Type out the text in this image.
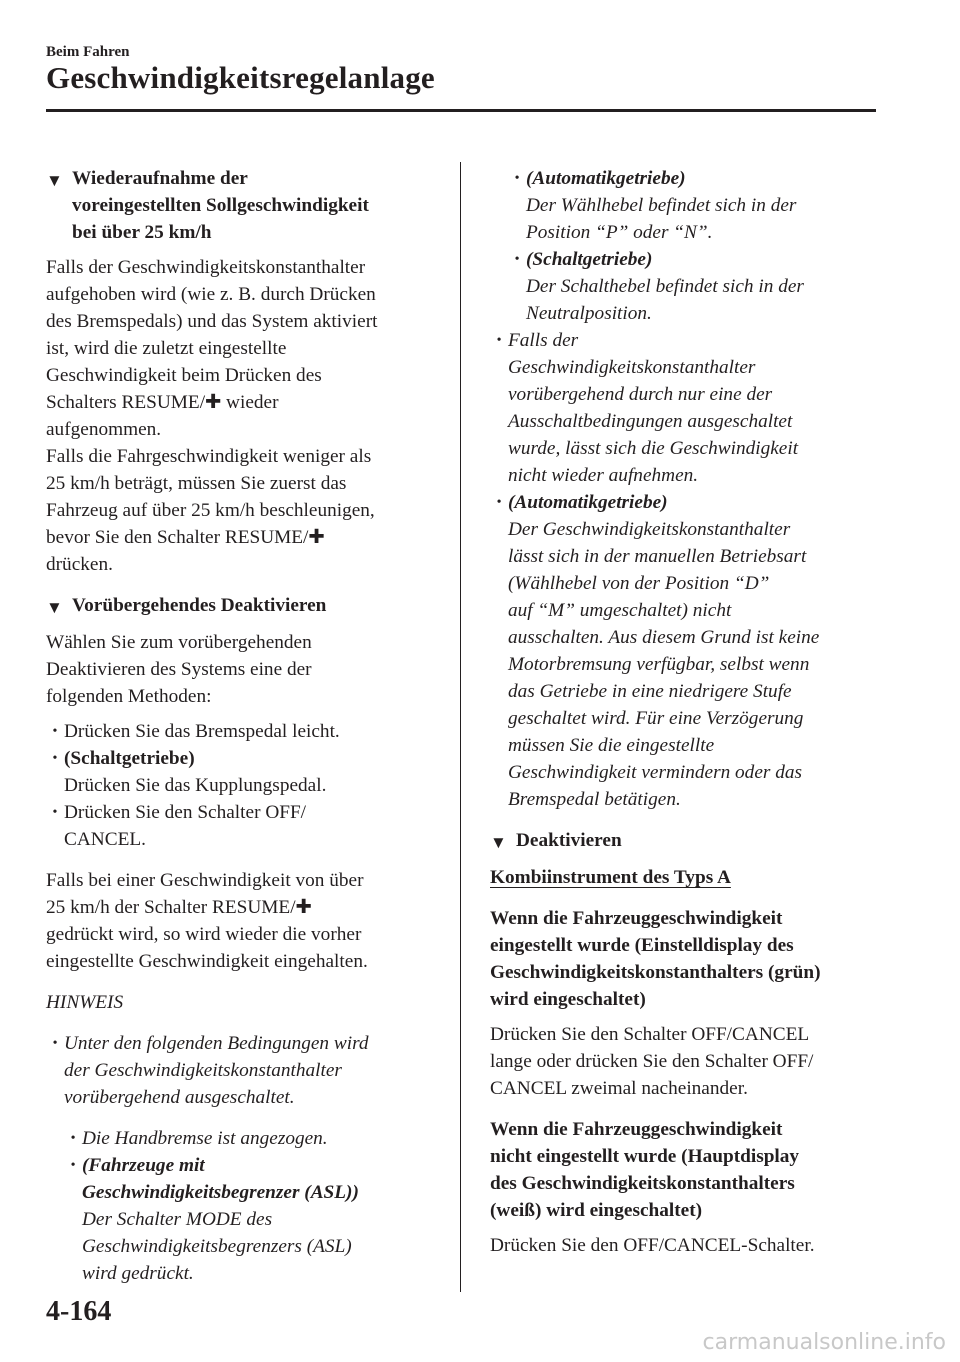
Beim Fahren
Geschwindigkeitsregelanlage
▼ Wiederaufnahme der
voreingestellten Sollgeschwindigkeit
bei über 25 km/h

Falls der Geschwindigkeitskonstanthalter
aufgehoben wird (wie z. B. durch Drücken
des Bremspedals) und das System aktiviert
ist, wird die zuletzt eingestellte
Geschwindigkeit beim Drücken des
Schalters RESUME/✚ wieder
aufgenommen.
Falls die Fahrgeschwindigkeit weniger als
25 km/h beträgt, müssen Sie zuerst das
Fahrzeug auf über 25 km/h beschleunigen,
bevor Sie den Schalter RESUME/✚
drücken.

▼ Vorübergehendes Deaktivieren

Wählen Sie zum vorübergehenden
Deaktivieren des Systems eine der
folgenden Methoden:

• Drücken Sie das Bremspedal leicht.
• (Schaltgetriebe)
Drücken Sie das Kupplungspedal.
• Drücken Sie den Schalter OFF/
CANCEL.

Falls bei einer Geschwindigkeit von über
25 km/h der Schalter RESUME/✚
gedrückt wird, so wird wieder die vorher
eingestellte Geschwindigkeit eingehalten.

HINWEIS

• Unter den folgenden Bedingungen wird
der Geschwindigkeitskonstanthalter
vorübergehend ausgeschaltet.
• Die Handbremse ist angezogen.
• (Fahrzeuge mit
Geschwindigkeitsbegrenzer (ASL))
Der Schalter MODE des
Geschwindigkeitsbegrenzers (ASL)
wird gedrückt.
• (Automatikgetriebe)
Der Wählhebel befindet sich in der
Position “P” oder “N”.
• (Schaltgetriebe)
Der Schalthebel befindet sich in der
Neutralposition.
• Falls der
Geschwindigkeitskonstanthalter
vorübergehend durch nur eine der
Ausschaltbedingungen ausgeschaltet
wurde, lässt sich die Geschwindigkeit
nicht wieder aufnehmen.
• (Automatikgetriebe)
Der Geschwindigkeitskonstanthalter
lässt sich in der manuellen Betriebsart
(Wählhebel von der Position “D”
auf “M” umgeschaltet) nicht
ausschalten. Aus diesem Grund ist keine
Motorbremsung verfügbar, selbst wenn
das Getriebe in eine niedrigere Stufe
geschaltet wird. Für eine Verzögerung
müssen Sie die eingestellte
Geschwindigkeit vermindern oder das
Bremspedal betätigen.
▼ Deaktivieren

Kombiinstrument des Typs A

Wenn die Fahrzeuggeschwindigkeit
eingestellt wurde (Einstelldisplay des
Geschwindigkeitskonstanthalters (grün)
wird eingeschaltet)

Drücken Sie den Schalter OFF/CANCEL
lange oder drücken Sie den Schalter OFF/
CANCEL zweimal nacheinander.

Wenn die Fahrzeuggeschwindigkeit
nicht eingestellt wurde (Hauptdisplay
des Geschwindigkeitskonstanthalters
(weiß) wird eingeschaltet)

Drücken Sie den OFF/CANCEL-Schalter.

4-164
carmanualsonline.info
